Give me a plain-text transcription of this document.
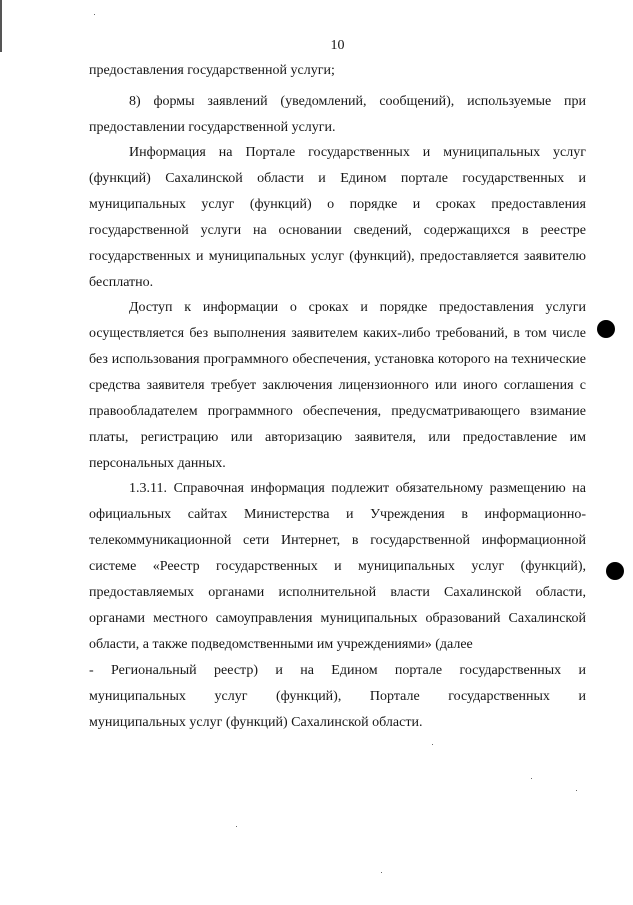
10

предоставления государственной услуги;

8) формы заявлений (уведомлений, сообщений), используемые при предоставлении государственной услуги.

Информация на Портале государственных и муниципальных услуг (функций) Сахалинской области и Едином портале государственных и муниципальных услуг (функций) о порядке и сроках предоставления государственной услуги на основании сведений, содержащихся в реестре государственных и муниципальных услуг (функций), предоставляется заявителю бесплатно.

Доступ к информации о сроках и порядке предоставления услуги осуществляется без выполнения заявителем каких-либо требований, в том числе без использования программного обеспечения, установка которого на технические средства заявителя требует заключения лицензионного или иного соглашения с правообладателем программного обеспечения, предусматривающего взимание платы, регистрацию или авторизацию заявителя, или предоставление им персональных данных.

1.3.11. Справочная информация подлежит обязательному размещению на официальных сайтах Министерства и Учреждения в информационно-телекоммуникационной сети Интернет, в государственной информационной системе «Реестр государственных и муниципальных услуг (функций), предоставляемых органами исполнительной власти Сахалинской области, органами местного самоуправления муниципальных образований Сахалинской области, а также подведомственными им учреждениями» (далее

- Региональный реестр) и на Едином портале государственных и

муниципальных услуг (функций), Портале государственных и

муниципальных услуг (функций) Сахалинской области.
